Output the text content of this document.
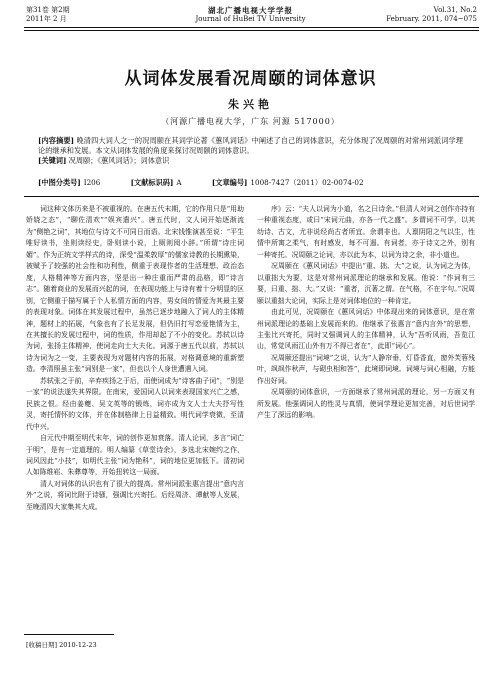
第31卷 第2期
2011年 2 月
湖北广播电视大学学报
Journal of HuBei TV University
Vol.31, No.2
February. 2011, 074~075
从词体发展看况周颐的词体意识
朱兴艳
（河源广播电视大学，广东 河源 517000）
[内容摘要] 晚清四大词人之一的况周颐在其词学论著《蕙风词话》中阐述了自己的词体意识，充分体现了况周颐的对常州词派词学理论的继承和发展。本文从词体发展的角度来探讨况周颐的词体意识。
[关键词] 况周颐；《蕙风词话》；词体意识
[中图分类号] I206	[文献标识码] A	[文章编号] 1008-7427（2011）02-0074-02

词这种文体历来是不被重视的。在唐五代末期，它的作用只是“用助娇娆之态”，“聊佐清欢”“娱宾遣兴”。唐五代时，文人词开始逐渐流为“侧艳之词”，其地位与诗文不可同日而语。北宋钱惟演甚至说：“平生唯好读书，坐则读经史，卧则读小说，上厕则阅小辞。”所谓“诗庄词媚”。作为正统文学样式的诗，深受“温柔敦厚”的儒家诗教的长期熏染，被赋予了较强的社会性和功利性，侧重于表现作者的生活理想、政治态度，人格精神等方面内容，坚是出一种庄重而严肃的品格，即“诗言志”。随着商业的发展而兴起的词，在表现功能上与诗有着十分明显的区别，它侧重于描写属于个人私情方面的内容，男女间的情爱为其最主要的表现对象。词体在其发展过程中，虽然已逐步地融入了词人的主体精神，题材上的拓展，气象也有了长足发展，但仍旧打写恋爱艳情为主，在其擅长的发展过程中，词的性质，作用却起了不小的变化。苏轼以诗为词，张扬主体精神，使词走向士大夫化。词源于唐五代以前，苏轼以诗为词为之一变，主要表现为对题材内容的拓展，对格调意境的重新塑造。李清照虽主张“词别是一家”，但也以个人身世遭遇入词。

苏轼张之于前，辛弃疾扬之于后，而使词成为“诗客曲子词”，“别是一家”的说法遂失其界限。在南宋，爱国词人以词来表现国家兴亡之感，民族之恨。经由姜夔、吴文英等的锻炼，词亦成为文人士大夫抒写性灵，寄托情怀的文体，并在体制格律上日益精致。明代词学衰微，至清代中兴。

自元代中期至明代末年，词的创作更加衰落。清人论词，多言“词亡于明”，是有一定道理的。明人编纂《草堂诗余》，多选北宋婉约之作，词风因此“小技”，如明代主张“词为艳科”，词的地位更加低下。清初词人如陈维崧、朱彝尊等，开始扭转这一局面。

清人对词体的认识也有了很大的提高。常州词派张惠言提出“意内言外”之说，将词比附于诗骚，强调比兴寄托。后经周济、谭献等人发展，至晚清四大家集其大成。

序》云：“夫人以词为小道，名之曰诗余。”但清人对词之创作亦持有一种重视态度，或曰“宋词元曲，亦各一代之盛”。多谓词不可学，以其幼诗、古文，尤非说经尚古者所宜。余谓非也。人禀阴阳之气以生，性情中所寓之柔气，有时感发，每不可遏。有词者，亦于诗文之外，别有一种寄托。况周颐之论词，亦以此为本，以词为诗之余，非小道也。

况周颐在《蕙风词话》中提出“重、拙、大”之说，认为词之为体，以重拙大为要，这是对常州词派理论的继承和发展。他说：“作词有三要，曰重、拙、大。”又说：“重者，沉著之谓。在气格，不在字句。”况周颐以重拙大论词，实际上是对词体地位的一种肯定。

由此可见，况周颐在《蕙风词话》中体现出来的词体意识，是在常州词派理论的基础上发展而来的。他继承了张惠言“意内言外”的思想，主张比兴寄托，同时又强调词人的主体精神，认为“吾听风雨，吾览江山，常觉风雨江山外有万不得已者在”，此即“词心”。

况周颐还提出“词境”之说，认为“人静帘垂，灯昏香直，窗外芙蓉残叶，飒飒作秋声，与砌虫相和答”，此境即词境。词境与词心相融，方能作出好词。

况周颐的词体意识，一方面继承了常州词派的理论，另一方面又有所发展。他强调词人的性灵与真情，使词学理论更加完善，对后世词学产生了深远的影响。

[收稿日期] 2010-12-23
